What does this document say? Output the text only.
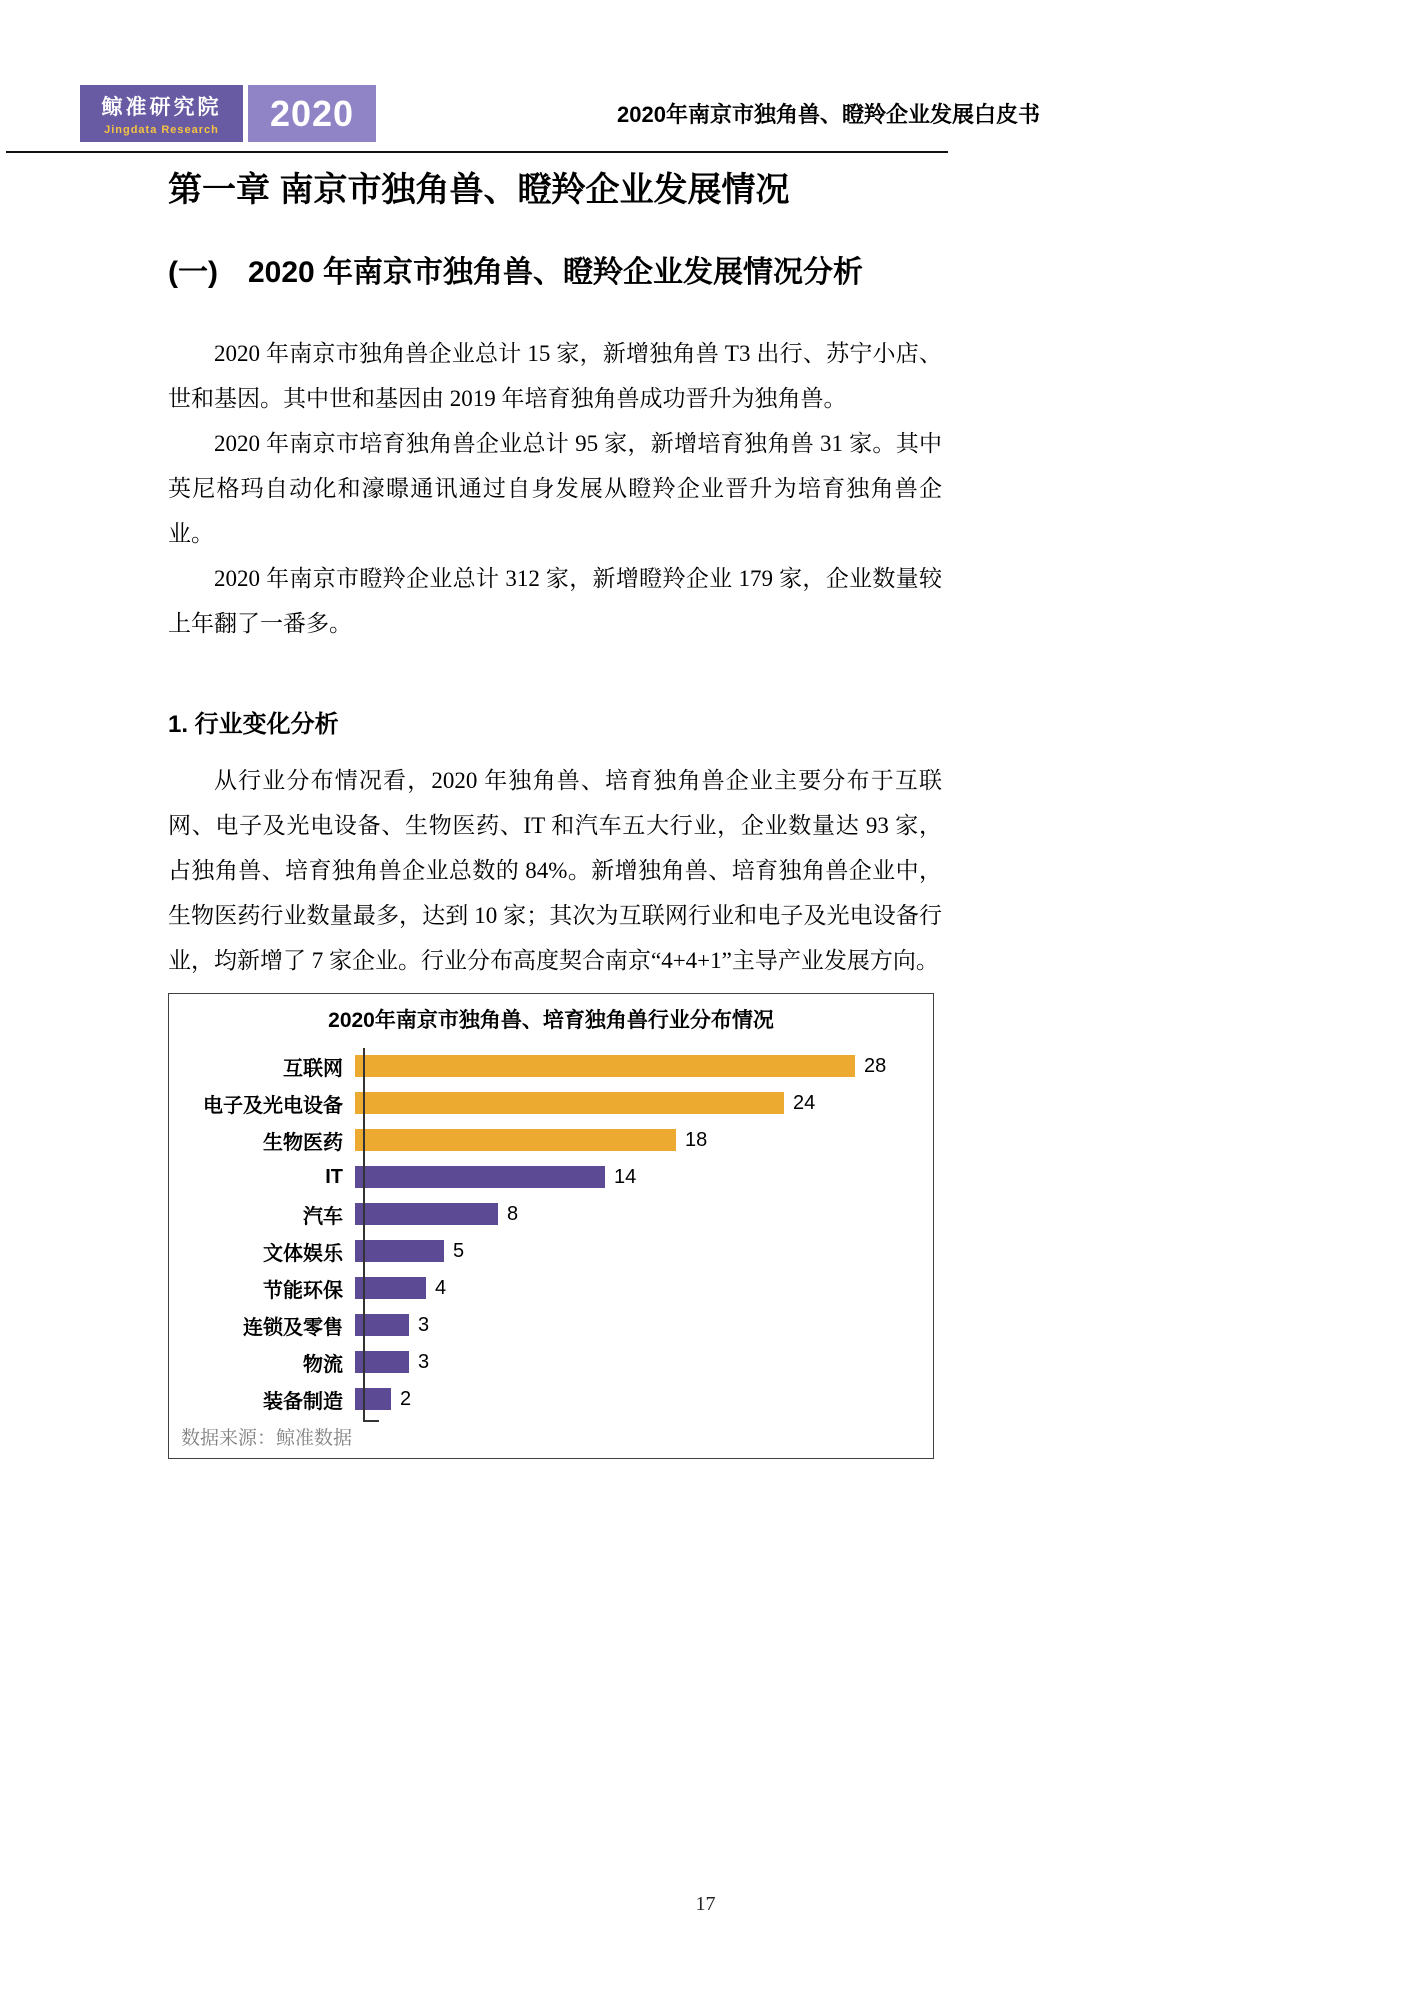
鲸准研究院
Jingdata Research	2020	2020年南京市独角兽、瞪羚企业发展白皮书
第一章 南京市独角兽、瞪羚企业发展情况
(一)　2020 年南京市独角兽、瞪羚企业发展情况分析

2020 年南京市独角兽企业总计 15 家，新增独角兽 T3 出行、苏宁小店、世和基因。其中世和基因由 2019 年培育独角兽成功晋升为独角兽。

2020 年南京市培育独角兽企业总计 95 家，新增培育独角兽 31 家。其中英尼格玛自动化和濠暻通讯通过自身发展从瞪羚企业晋升为培育独角兽企业。

2020 年南京市瞪羚企业总计 312 家，新增瞪羚企业 179 家，企业数量较上年翻了一番多。

1. 行业变化分析

从行业分布情况看，2020 年独角兽、培育独角兽企业主要分布于互联网、电子及光电设备、生物医药、IT 和汽车五大行业，企业数量达 93 家，占独角兽、培育独角兽企业总数的 84%。新增独角兽、培育独角兽企业中，生物医药行业数量最多，达到 10 家；其次为互联网行业和电子及光电设备行业，均新增了 7 家企业。行业分布高度契合南京“4+4+1”主导产业发展方向。

2020年南京市独角兽、培育独角兽行业分布情况
互联网	28
电子及光电设备	24
生物医药	18
IT	14
汽车	8
文体娱乐	5
节能环保	4
连锁及零售	3
物流	3
装备制造	2
数据来源：鲸准数据
17
